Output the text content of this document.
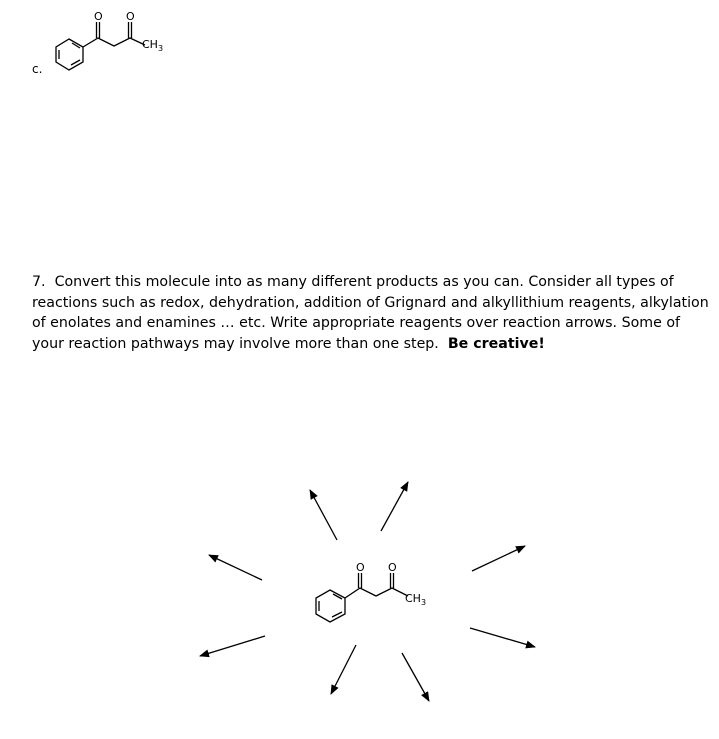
O O
$CH_3$
O O
$CH_3$
c.
7. Convert this molecule into as many different products as you can. Consider all types of reactions such as redox, dehydration, addition of Grignard and alkyllithium reagents, alkylation of enolates and enamines … etc. Write appropriate reagents over reaction arrows. Some of your reaction pathways may involve more than one step. Be creative!
